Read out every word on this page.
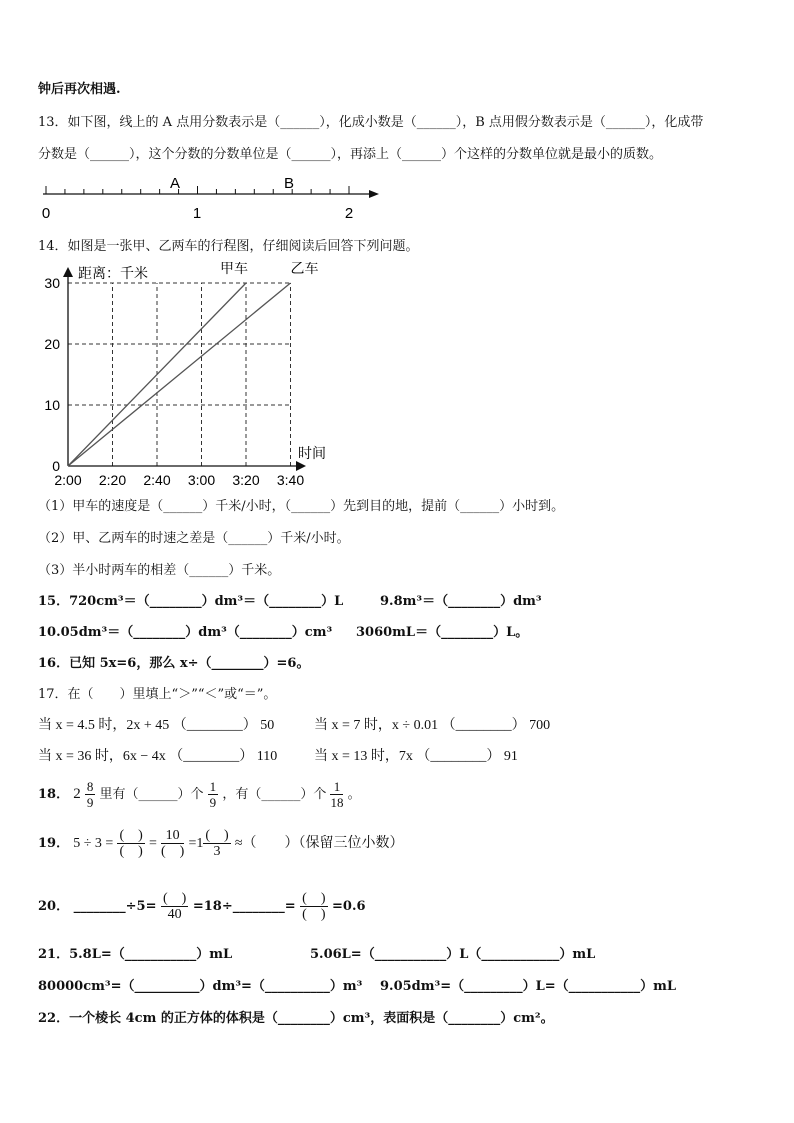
钟后再次相遇.
13．如下图，线上的 A 点用分数表示是（______），化成小数是（______），B 点用假分数表示是（______），化成带
分数是（______），这个分数的分数单位是（______），再添上（______）个这样的分数单位就是最小的质数。
A	B
0	1	2
14．如图是一张甲、乙两车的行程图，仔细阅读后回答下列问题。
距离：千米
时间
0
10
20
30
2:00 2:20 2:40 3:00 3:20 3:40
甲车	乙车
（1）甲车的速度是（______）千米/小时，（______）先到目的地，提前（______）小时到。
（2）甲、乙两车的时速之差是（______）千米/小时。
（3）半小时两车的相差（______）千米。
15．720cm³＝（________）dm³＝（________）L	9.8m³＝（________）dm³
10.05dm³＝（________）dm³（________）cm³ 3060mL＝（________）L。
16．已知 5x=6，那么 x÷（________）=6。
17．在（　　）里填上“＞”“＜”或“＝”。
当 x = 4.5 时，2x + 45 （________） 50	当 x = 7 时，x ÷ 0.01 （________） 700
当 x = 36 时，6x − 4x （________） 110	当 x = 13 时，7x （________） 91
18． $2 \frac{8}{9}$ 里有（______）个 $\frac{1}{9}$ ，有（______）个 $\frac{1}{18}$ 。
19． $5 \div 3 = \frac{( )}{( )} = \frac{10}{( )} =1 \frac{( )}{3}$ ≈（　　）（保留三位小数）
20． ________÷5= $\frac{( )}{40}$ =18÷________= $\frac{( )}{( )} =0.6$
21．5.8L=（___________）mL	5.06L=（___________）L（____________）mL
80000cm³=（__________）dm³=（__________）m³ 9.05dm³=（_________）L=（___________）mL
22．一个棱长 4cm 的正方体的体积是（________）cm³，表面积是（________）cm²。
